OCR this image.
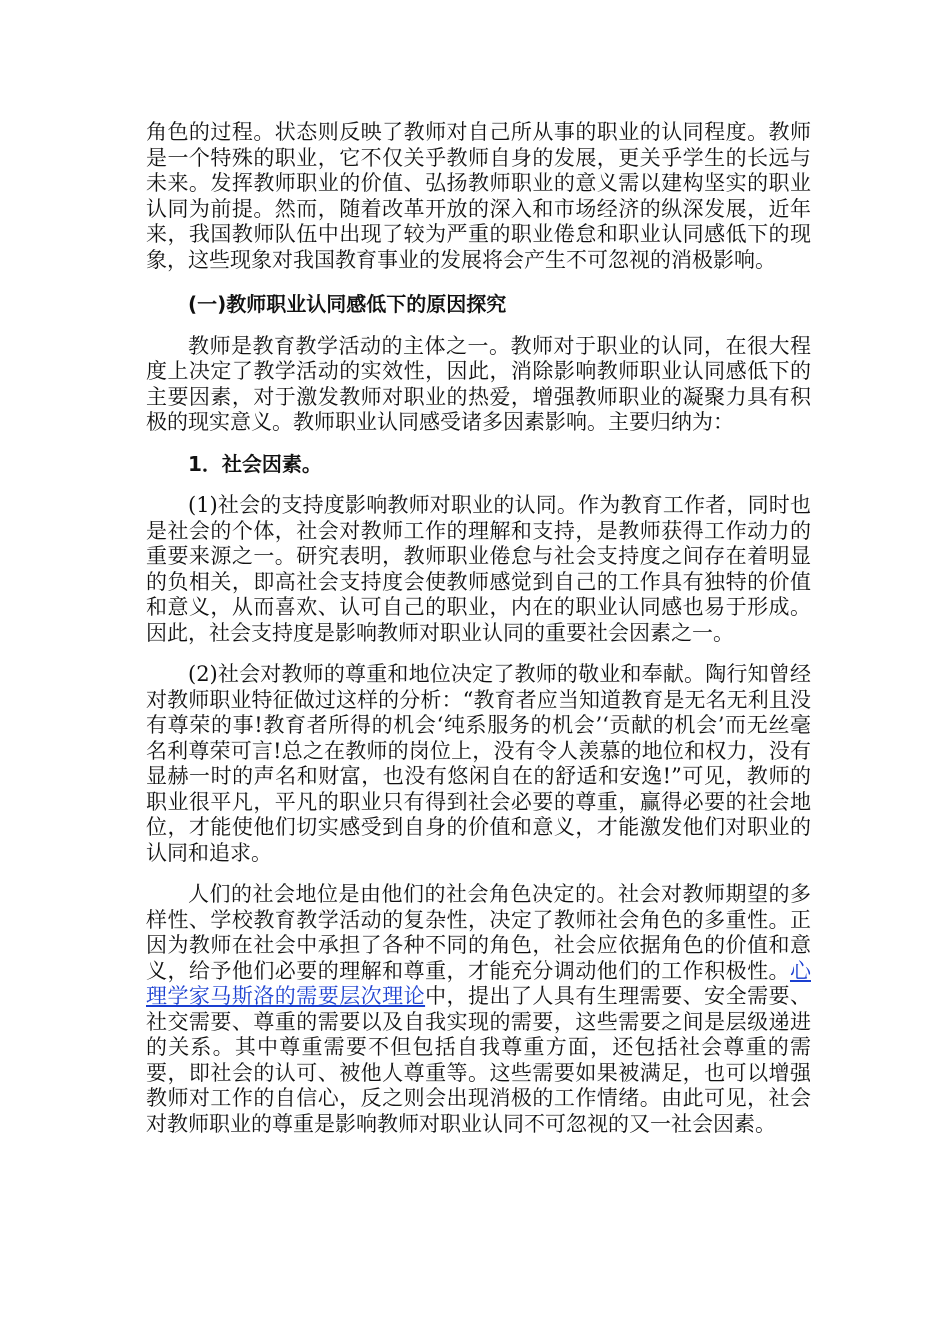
角色的过程。状态则反映了教师对自己所从事的职业的认同程度。教师是一个特殊的职业，它不仅关乎教师自身的发展，更关乎学生的长远与未来。发挥教师职业的价值、弘扬教师职业的意义需以建构坚实的职业认同为前提。然而，随着改革开放的深入和市场经济的纵深发展，近年来，我国教师队伍中出现了较为严重的职业倦怠和职业认同感低下的现象，这些现象对我国教育事业的发展将会产生不可忽视的消极影响。

(一)教师职业认同感低下的原因探究

教师是教育教学活动的主体之一。教师对于职业的认同，在很大程度上决定了教学活动的实效性，因此，消除影响教师职业认同感低下的主要因素，对于激发教师对职业的热爱，增强教师职业的凝聚力具有积极的现实意义。教师职业认同感受诸多因素影响。主要归纳为：

1．社会因素。

(1)社会的支持度影响教师对职业的认同。作为教育工作者，同时也是社会的个体，社会对教师工作的理解和支持，是教师获得工作动力的重要来源之一。研究表明，教师职业倦怠与社会支持度之间存在着明显的负相关，即高社会支持度会使教师感觉到自己的工作具有独特的价值和意义，从而喜欢、认可自己的职业，内在的职业认同感也易于形成。因此，社会支持度是影响教师对职业认同的重要社会因素之一。

(2)社会对教师的尊重和地位决定了教师的敬业和奉献。陶行知曾经对教师职业特征做过这样的分析：“教育者应当知道教育是无名无利且没有尊荣的事!教育者所得的机会‘纯系服务的机会’‘贡献的机会’而无丝毫名利尊荣可言!总之在教师的岗位上，没有令人羡慕的地位和权力，没有显赫一时的声名和财富，也没有悠闲自在的舒适和安逸!”可见，教师的职业很平凡，平凡的职业只有得到社会必要的尊重，赢得必要的社会地位，才能使他们切实感受到自身的价值和意义，才能激发他们对职业的认同和追求。

人们的社会地位是由他们的社会角色决定的。社会对教师期望的多样性、学校教育教学活动的复杂性，决定了教师社会角色的多重性。正因为教师在社会中承担了各种不同的角色，社会应依据角色的价值和意义，给予他们必要的理解和尊重，才能充分调动他们的工作积极性。心理学家马斯洛的需要层次理论中，提出了人具有生理需要、安全需要、社交需要、尊重的需要以及自我实现的需要，这些需要之间是层级递进的关系。其中尊重需要不但包括自我尊重方面，还包括社会尊重的需要，即社会的认可、被他人尊重等。这些需要如果被满足，也可以增强教师对工作的自信心，反之则会出现消极的工作情绪。由此可见，社会对教师职业的尊重是影响教师对职业认同不可忽视的又一社会因素。
